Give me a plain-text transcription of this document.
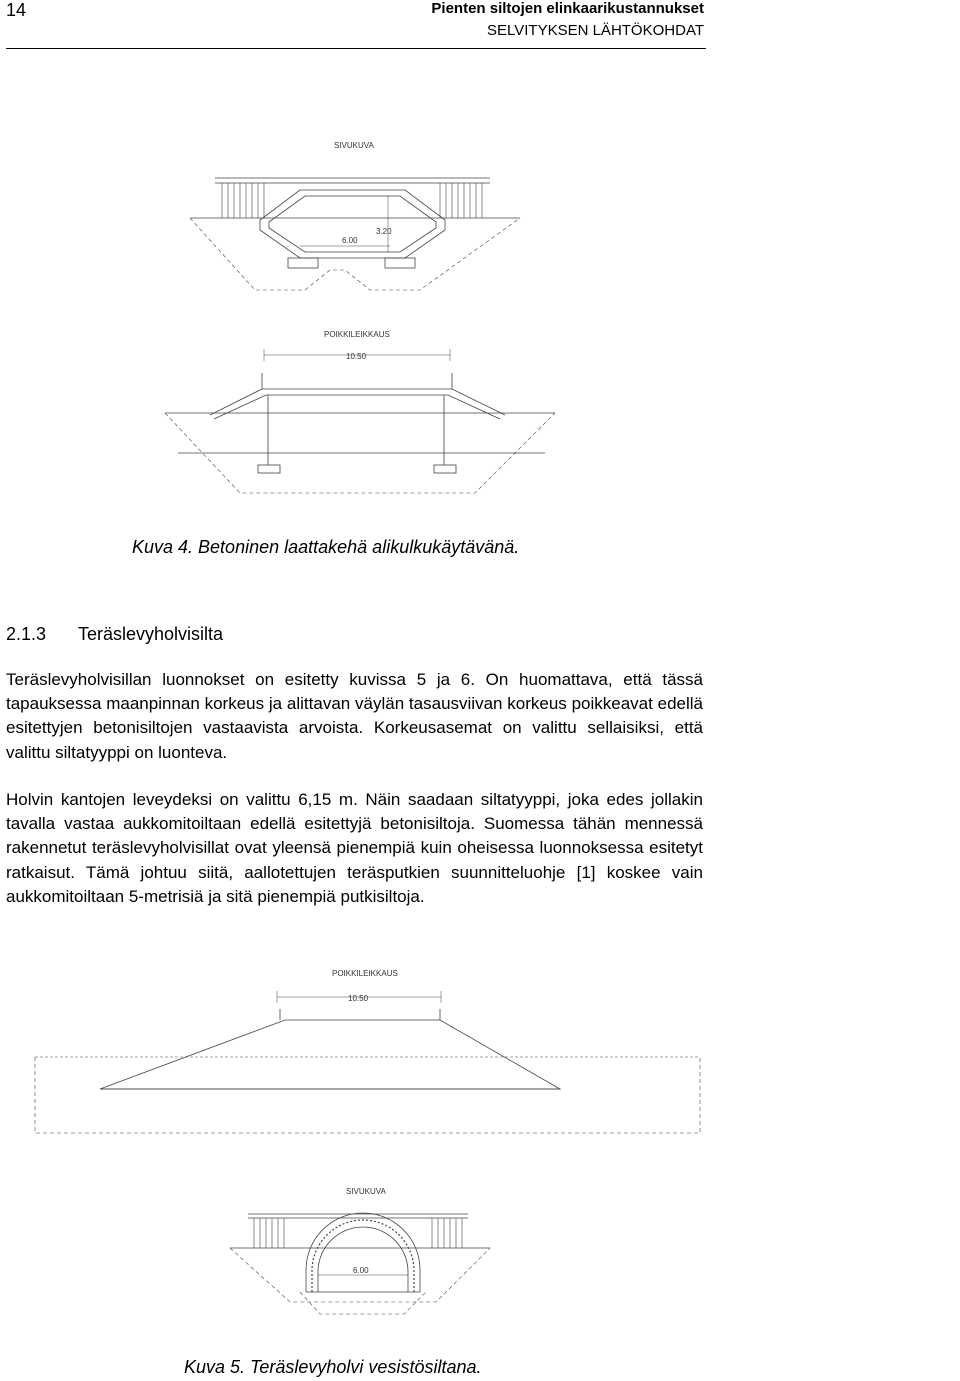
14	Pienten siltojen elinkaarikustannukset
SELVITYKSEN LÄHTÖKOHDAT
SIVUKUVA
6.00
3.20
POIKKILEIKKAUS
10.50
Kuva 4. Betoninen laattakehä alikulkukäytävänä.
2.1.3 Teräslevyholvisilta

Teräslevyholvisillan luonnokset on esitetty kuvissa 5 ja 6. On huomattava, että tässä tapauksessa maanpinnan korkeus ja alittavan väylän tasausviivan korkeus poikkeavat edellä esitettyjen betonisiltojen vastaavista arvoista. Korkeusasemat on valittu sellaisiksi, että valittu siltatyyppi on luonteva.

Holvin kantojen leveydeksi on valittu 6,15 m. Näin saadaan siltatyyppi, joka edes jollakin tavalla vastaa aukkomitoiltaan edellä esitettyjä betonisiltoja. Suomessa tähän mennessä rakennetut teräslevyholvisillat ovat yleensä pienempiä kuin oheisessa luonnoksessa esitetyt ratkaisut. Tämä johtuu siitä, aallotettujen teräsputkien suunnitteluohje [1] koskee vain aukkomitoiltaan 5-metrisiä ja sitä pienempiä putkisiltoja.

POIKKILEIKKAUS
10.50
SIVUKUVA
6.00
Kuva 5. Teräslevyholvi vesistösiltana.
